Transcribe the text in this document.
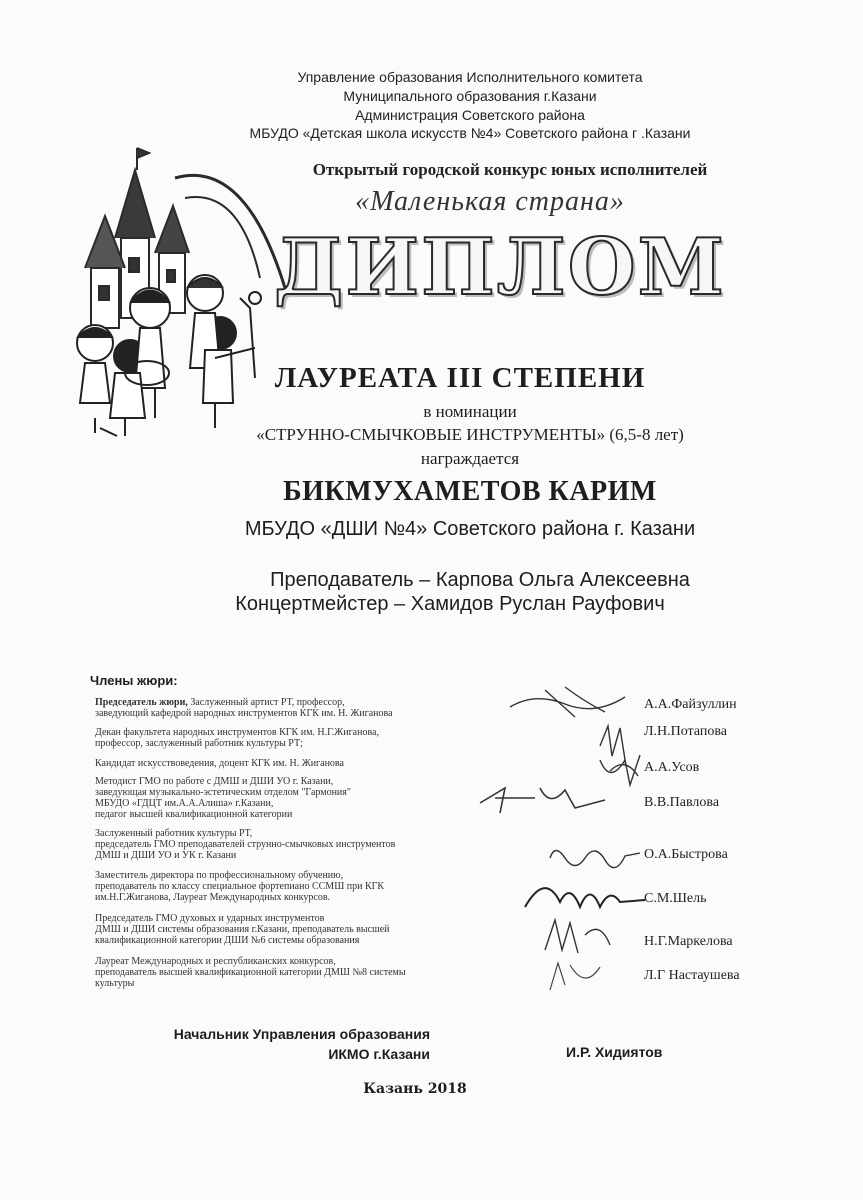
Управление образования Исполнительного комитета
Муниципального образования г.Казани
Администрация Советского района
МБУДО «Детская школа искусств №4» Советского района г .Казани
Открытый городской конкурс юных исполнителей
«Маленькая страна»
ДИПЛОМ
ЛАУРЕАТА III СТЕПЕНИ
в номинации
«СТРУННО-СМЫЧКОВЫЕ ИНСТРУМЕНТЫ» (6,5-8 лет)
награждается
БИКМУХАМЕТОВ КАРИМ
МБУДО «ДШИ №4» Советского района г. Казани
Преподаватель – Карпова Ольга Алексеевна
Концертмейстер – Хамидов Руслан Рауфович
Члены жюри:
Председатель жюри, Заслуженный артист РТ, профессор,
заведующий кафедрой народных инструментов КГК им. Н. Жиганова
Декан факультета народных инструментов КГК им. Н.Г.Жиганова,
профессор, заслуженный работник культуры РТ;
Кандидат искусствоведения, доцент КГК им. Н. Жиганова
Методист ГМО по работе с ДМШ и ДШИ УО г. Казани,
заведующая музыкально-эстетическим отделом "Гармония"
МБУДО «ГДЦТ им.А.А.Алиша» г.Казани,
педагог высшей квалификационной категории
Заслуженный работник культуры РТ,
председатель ГМО преподавателей струнно-смычковых инструментов
ДМШ и ДШИ УО и УК г. Казани
Заместитель директора по профессиональному обучению,
преподаватель по классу специальное фортепиано ССМШ при КГК
им.Н.Г.Жиганова, Лауреат Международных конкурсов.
Председатель ГМО духовых и ударных инструментов
ДМШ и ДШИ системы образования г.Казани, преподаватель высшей
квалификационной категории ДШИ №6 системы образования
Лауреат Международных и республиканских конкурсов,
преподаватель высшей квалификационной категории ДМШ №8 системы
культуры
А.А.Файзуллин
Л.Н.Потапова
А.А.Усов
В.В.Павлова
О.А.Быстрова
С.М.Шель
Н.Г.Маркелова
Л.Г Настаушева
Начальник Управления образования
ИКМО г.Казани	И.Р. Хидиятов
Казань 2018
